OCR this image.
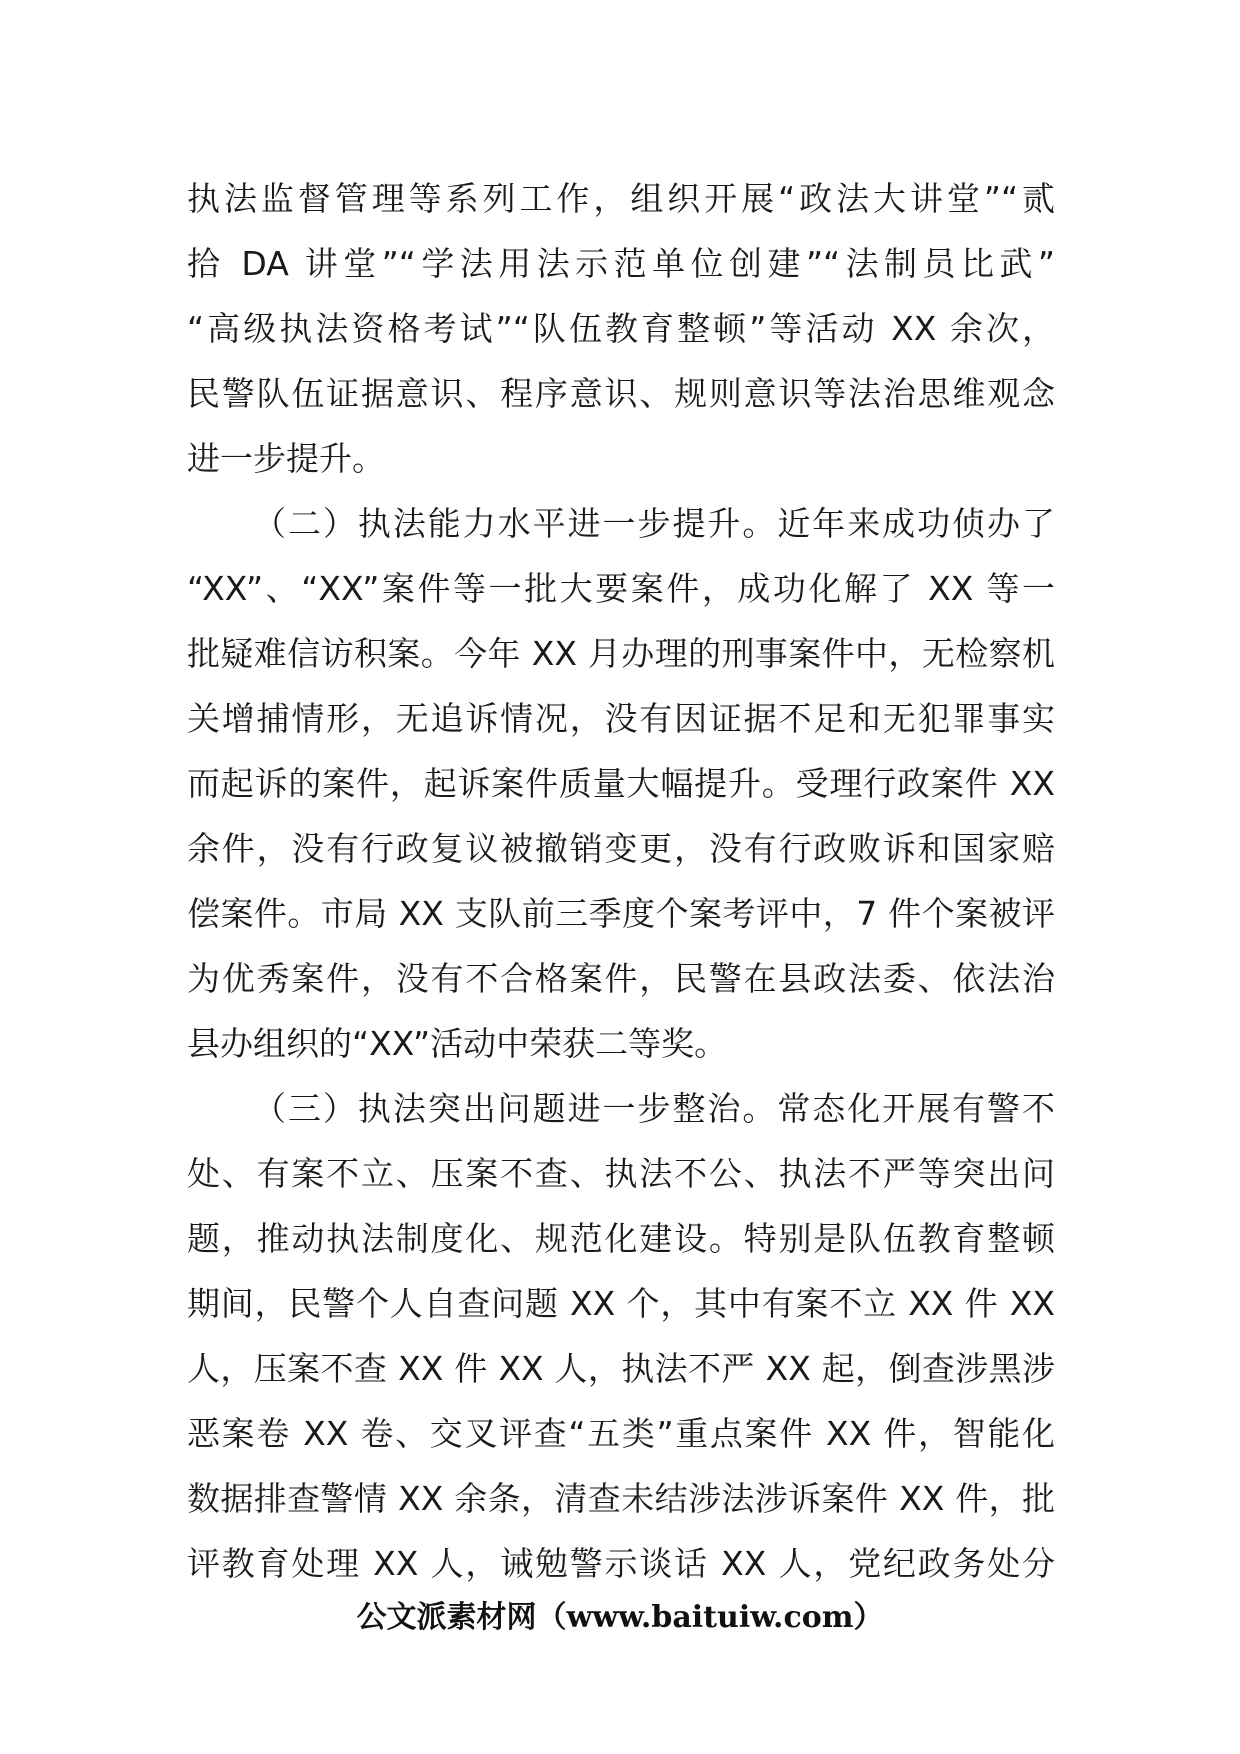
执法监督管理等系列工作，组织开展“政法大讲堂”“贰
拾 DA 讲堂”“学法用法示范单位创建”“法制员比武”
“高级执法资格考试”“队伍教育整顿”等活动 XX 余次，
民警队伍证据意识、程序意识、规则意识等法治思维观念
进一步提升。
（二）执法能力水平进一步提升。近年来成功侦办了
“XX”、“XX”案件等一批大要案件，成功化解了 XX 等一
批疑难信访积案。今年 XX 月办理的刑事案件中，无检察机
关增捕情形，无追诉情况，没有因证据不足和无犯罪事实
而起诉的案件，起诉案件质量大幅提升。受理行政案件 XX
余件，没有行政复议被撤销变更，没有行政败诉和国家赔
偿案件。市局 XX 支队前三季度个案考评中，7 件个案被评
为优秀案件，没有不合格案件，民警在县政法委、依法治
县办组织的“XX”活动中荣获二等奖。
（三）执法突出问题进一步整治。常态化开展有警不
处、有案不立、压案不查、执法不公、执法不严等突出问
题，推动执法制度化、规范化建设。特别是队伍教育整顿
期间，民警个人自查问题 XX 个，其中有案不立 XX 件 XX
人，压案不查 XX 件 XX 人，执法不严 XX 起，倒查涉黑涉
恶案卷 XX 卷、交叉评查“五类”重点案件 XX 件，智能化
数据排查警情 XX 余条，清查未结涉法涉诉案件 XX 件，批
评教育处理 XX 人，诫勉警示谈话 XX 人，党纪政务处分
公文派素材网（www.baituiw.com）
